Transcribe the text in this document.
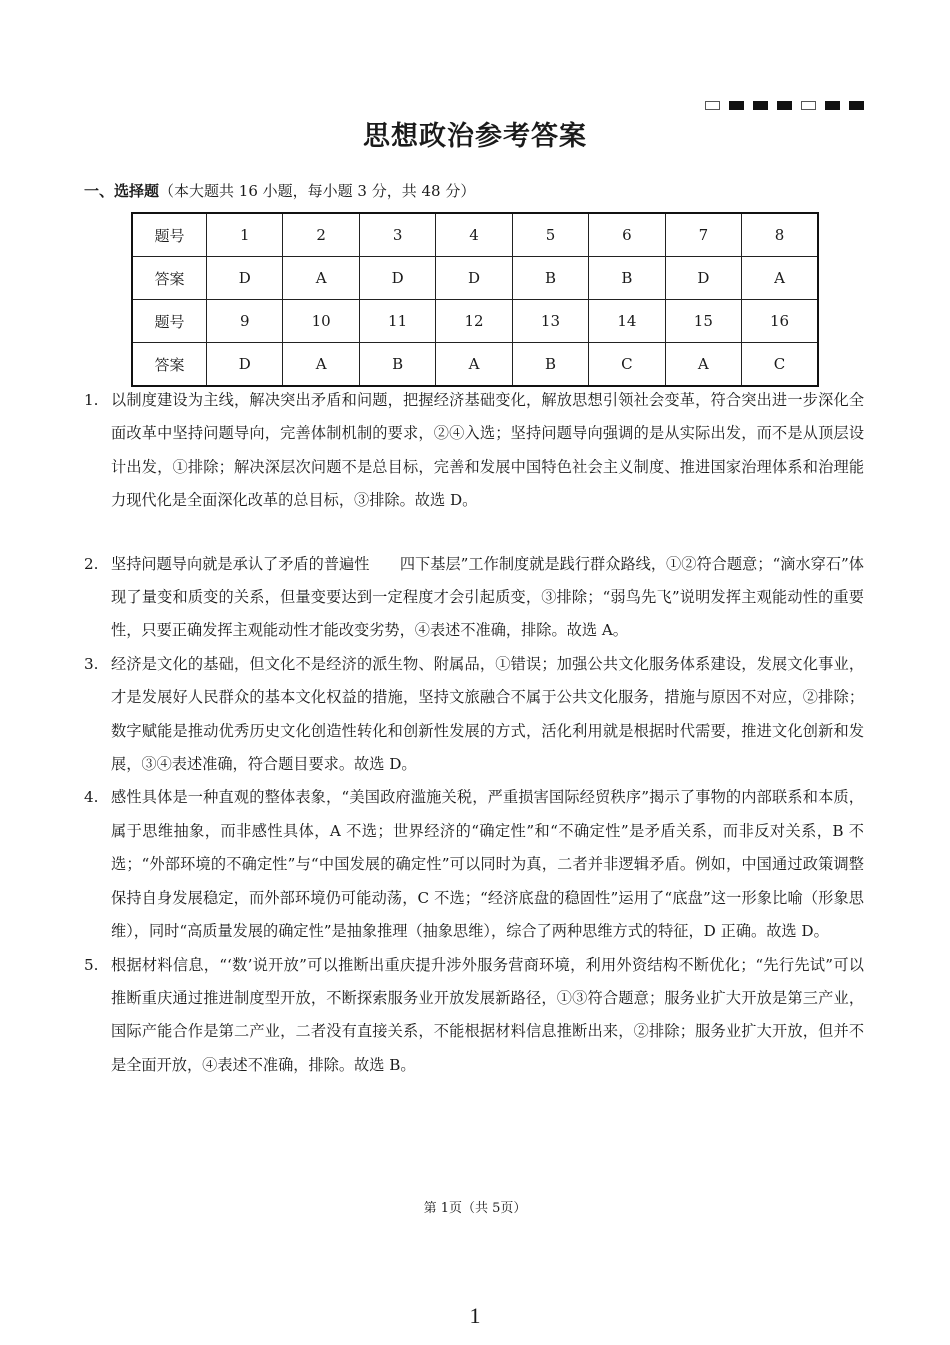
思想政治参考答案
一、选择题（本大题共 16 小题，每小题 3 分，共 48 分）
题号	1	2	3	4	5	6	7	8
答案	D	A	D	D	B	B	D	A
题号	9	10	11	12	13	14	15	16
答案	D	A	B	A	B	C	A	C

1. 以制度建设为主线，解决突出矛盾和问题，把握经济基础变化，解放思想引领社会变革，符合突出进一步深化全面改革中坚持问题导向，完善体制机制的要求，②④入选；坚持问题导向强调的是从实际出发，而不是从顶层设计出发，①排除；解决深层次问题不是总目标，完善和发展中国特色社会主义制度、推进国家治理体系和治理能力现代化是全面深化改革的总目标，③排除。故选 D。

2. 坚持问题导向就是承认了矛盾的普遍性　　四下基层”工作制度就是践行群众路线，①②符合题意；“滴水穿石”体现了量变和质变的关系，但量变要达到一定程度才会引起质变，③排除；“弱鸟先飞”说明发挥主观能动性的重要性，只要正确发挥主观能动性才能改变劣势，④表述不准确，排除。故选 A。

3. 经济是文化的基础，但文化不是经济的派生物、附属品，①错误；加强公共文化服务体系建设，发展文化事业，才是发展好人民群众的基本文化权益的措施，坚持文旅融合不属于公共文化服务，措施与原因不对应，②排除；数字赋能是推动优秀历史文化创造性转化和创新性发展的方式，活化利用就是根据时代需要，推进文化创新和发展，③④表述准确，符合题目要求。故选 D。

4. 感性具体是一种直观的整体表象，“美国政府滥施关税，严重损害国际经贸秩序”揭示了事物的内部联系和本质，属于思维抽象，而非感性具体，A 不选；世界经济的“确定性”和“不确定性”是矛盾关系，而非反对关系，B 不选；“外部环境的不确定性”与“中国发展的确定性”可以同时为真，二者并非逻辑矛盾。例如，中国通过政策调整保持自身发展稳定，而外部环境仍可能动荡，C 不选；“经济底盘的稳固性”运用了“底盘”这一形象比喻（形象思维），同时“高质量发展的确定性”是抽象推理（抽象思维），综合了两种思维方式的特征，D 正确。故选 D。

5. 根据材料信息，“‘数’说开放”可以推断出重庆提升涉外服务营商环境，利用外资结构不断优化；“先行先试”可以推断重庆通过推进制度型开放，不断探索服务业开放发展新路径，①③符合题意；服务业扩大开放是第三产业，国际产能合作是第二产业，二者没有直接关系，不能根据材料信息推断出来，②排除；服务业扩大开放，但并不是全面开放，④表述不准确，排除。故选 B。

第 1页（共 5页）
1
